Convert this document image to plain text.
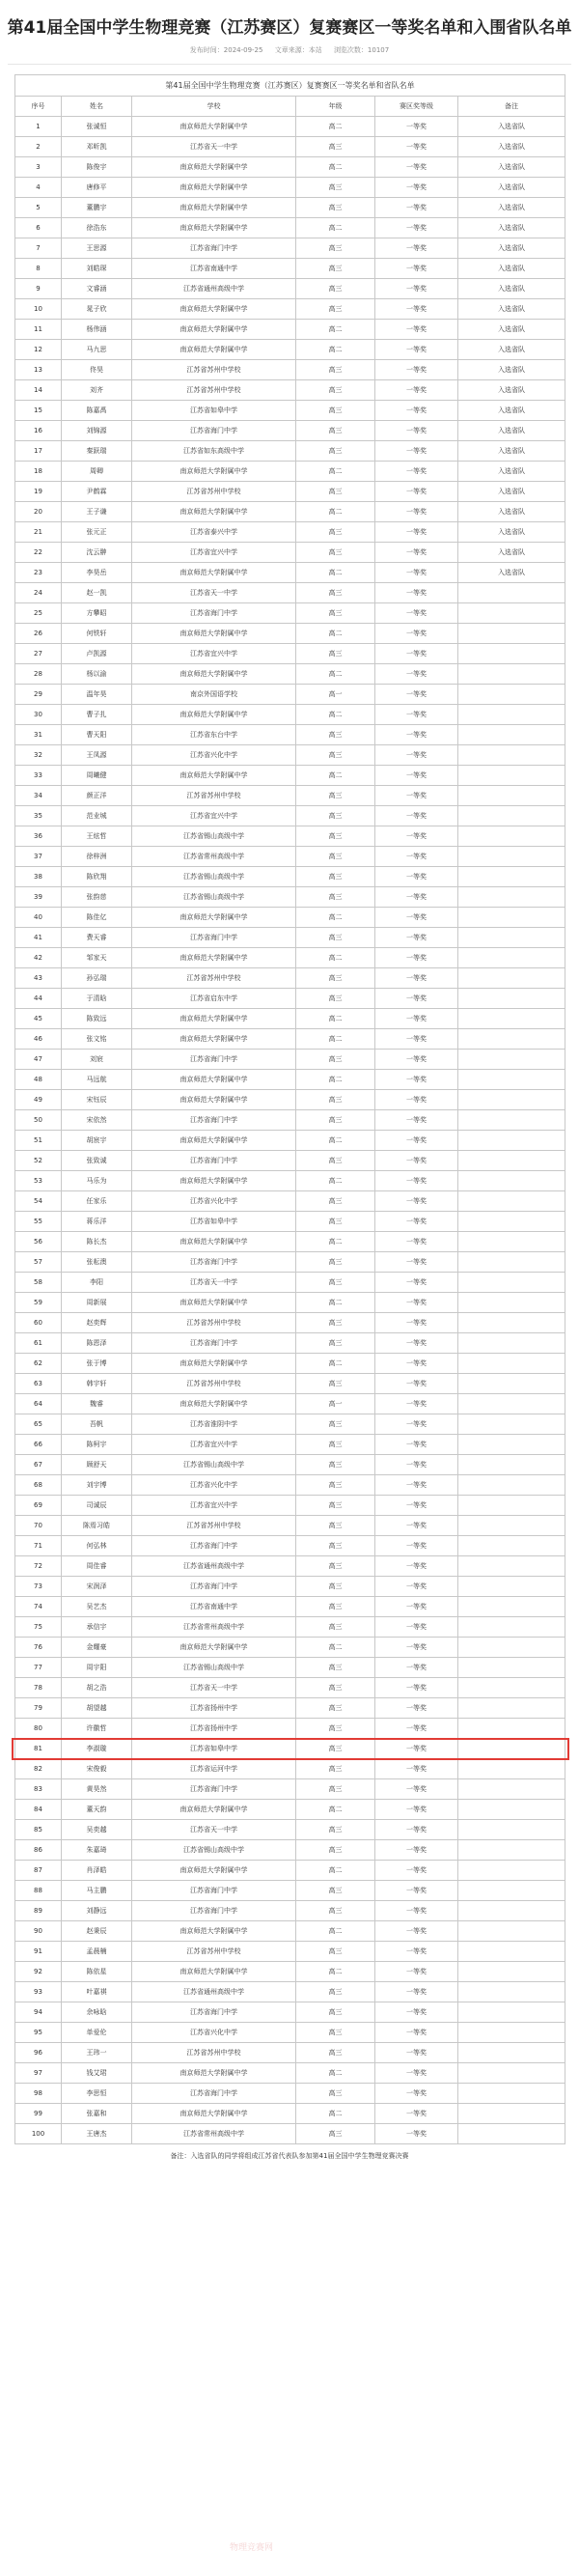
第41届全国中学生物理竞赛（江苏赛区）复赛赛区一等奖名单和入围省队名单
发布时间：2024-09-25 文章来源：本站 浏览次数：10107
第41届全国中学生物理竞赛（江苏赛区）复赛赛区一等奖名单和省队名单					
序号	姓名	学校	年级	赛区奖等级	备注
1	张诚恒	南京师范大学附属中学	高二	一等奖	入选省队
2	邓昕凯	江苏省天一中学	高三	一等奖	入选省队
3	陈俊宇	南京师范大学附属中学	高二	一等奖	入选省队
4	唐修平	南京师范大学附属中学	高三	一等奖	入选省队
5	董鹏宇	南京师范大学附属中学	高三	一等奖	入选省队
6	徐浩东	南京师范大学附属中学	高二	一等奖	入选省队
7	王思源	江苏省海门中学	高三	一等奖	入选省队
8	刘皓琛	江苏省南通中学	高三	一等奖	入选省队
9	文睿涵	江苏省通州高级中学	高三	一等奖	入选省队
10	晁子欣	南京师范大学附属中学	高三	一等奖	入选省队
11	杨伟涵	南京师范大学附属中学	高二	一等奖	入选省队
12	马九思	南京师范大学附属中学	高二	一等奖	入选省队
13	佟昊	江苏省苏州中学校	高三	一等奖	入选省队
14	刘齐	江苏省苏州中学校	高三	一等奖	入选省队
15	陈嘉禹	江苏省如皋中学	高三	一等奖	入选省队
16	刘锦源	江苏省海门中学	高三	一等奖	入选省队
17	秦跃瑞	江苏省如东高级中学	高三	一等奖	入选省队
18	周卿	南京师范大学附属中学	高二	一等奖	入选省队
19	尹鹤霖	江苏省苏州中学校	高三	一等奖	入选省队
20	王子谦	南京师范大学附属中学	高二	一等奖	入选省队
21	张元正	江苏省泰兴中学	高三	一等奖	入选省队
22	沈云翀	江苏省宜兴中学	高三	一等奖	入选省队
23	李昊岳	南京师范大学附属中学	高二	一等奖	入选省队
24	赵一凯	江苏省天一中学	高三	一等奖	
25	方攀昭	江苏省海门中学	高三	一等奖	
26	何铁轩	南京师范大学附属中学	高二	一等奖	
27	卢凯源	江苏省宜兴中学	高三	一等奖	
28	杨以渝	南京师范大学附属中学	高二	一等奖	
29	温年昊	南京外国语学校	高一	一等奖	
30	曹子扎	南京师范大学附属中学	高二	一等奖	
31	曹天阳	江苏省东台中学	高三	一等奖	
32	王凤源	江苏省兴化中学	高三	一等奖	
33	周曦健	南京师范大学附属中学	高二	一等奖	
34	颜正洋	江苏省苏州中学校	高三	一等奖	
35	范业城	江苏省宜兴中学	高三	一等奖	
36	王炫哲	江苏省锡山高级中学	高三	一等奖	
37	徐梓洲	江苏省常州高级中学	高三	一等奖	
38	陈欣翔	江苏省锡山高级中学	高三	一等奖	
39	张韵慈	江苏省锡山高级中学	高三	一等奖	
40	陈佳亿	南京师范大学附属中学	高二	一等奖	
41	费天睿	江苏省海门中学	高三	一等奖	
42	邹家天	南京师范大学附属中学	高二	一等奖	
43	孙弘瑞	江苏省苏州中学校	高三	一等奖	
44	于清晗	江苏省启东中学	高三	一等奖	
45	陈致远	南京师范大学附属中学	高二	一等奖	
46	张文铭	南京师范大学附属中学	高二	一等奖	
47	刘宸	江苏省海门中学	高三	一等奖	
48	马远航	南京师范大学附属中学	高二	一等奖	
49	宋钰辰	南京师范大学附属中学	高三	一等奖	
50	宋依然	江苏省海门中学	高三	一等奖	
51	胡宸宇	南京师范大学附属中学	高二	一等奖	
52	张致诚	江苏省海门中学	高三	一等奖	
53	马乐为	南京师范大学附属中学	高二	一等奖	
54	任家乐	江苏省兴化中学	高三	一等奖	
55	蒋乐洋	江苏省如皋中学	高三	一等奖	
56	陈长杰	南京师范大学附属中学	高二	一等奖	
57	张耘澳	江苏省海门中学	高三	一等奖	
58	李阳	江苏省天一中学	高三	一等奖	
59	周新展	南京师范大学附属中学	高二	一等奖	
60	赵奕辉	江苏省苏州中学校	高三	一等奖	
61	陈恩泽	江苏省海门中学	高三	一等奖	
62	张于博	南京师范大学附属中学	高二	一等奖	
63	韩宇轩	江苏省苏州中学校	高三	一等奖	
64	魏睿	南京师范大学附属中学	高一	一等奖	
65	吾帆	江苏省淮阴中学	高三	一等奖	
66	陈柯宇	江苏省宜兴中学	高三	一等奖	
67	顾舒天	江苏省锡山高级中学	高三	一等奖	
68	刘宇博	江苏省兴化中学	高三	一等奖	
69	司诚辰	江苏省宜兴中学	高三	一等奖	
70	陈焉习皓	江苏省苏州中学校	高三	一等奖	
71	何弘林	江苏省海门中学	高三	一等奖	
72	周佳睿	江苏省通州高级中学	高三	一等奖	
73	宋润泽	江苏省海门中学	高三	一等奖	
74	吴艺杰	江苏省南通中学	高三	一等奖	
75	承信宇	江苏省常州高级中学	高三	一等奖	
76	金耀豪	南京师范大学附属中学	高二	一等奖	
77	周宇阳	江苏省锡山高级中学	高三	一等奖	
78	胡之浩	江苏省天一中学	高三	一等奖	
79	胡望越	江苏省扬州中学	高三	一等奖	
80	许徽哲	江苏省扬州中学	高三	一等奖	
81	李淑璇	江苏省如皋中学	高三	一等奖	
82	宋俊毅	江苏省运河中学	高三	一等奖	
83	黄昊然	江苏省海门中学	高三	一等奖	
84	董天韵	南京师范大学附属中学	高二	一等奖	
85	吴奕越	江苏省天一中学	高三	一等奖	
86	朱嘉琦	江苏省锡山高级中学	高三	一等奖	
87	肖泽皓	南京师范大学附属中学	高二	一等奖	
88	马主鹏	江苏省海门中学	高三	一等奖	
89	刘静远	江苏省海门中学	高三	一等奖	
90	赵秉辰	南京师范大学附属中学	高二	一等奖	
91	孟晨楠	江苏省苏州中学校	高三	一等奖	
92	陈依星	南京师范大学附属中学	高二	一等奖	
93	叶嘉祺	江苏省通州高级中学	高三	一等奖	
94	余咏晗	江苏省海门中学	高三	一等奖	
95	单爱伦	江苏省兴化中学	高三	一等奖	
96	王玮一	江苏省苏州中学校	高三	一等奖	
97	钱艾珺	南京师范大学附属中学	高二	一等奖	
98	李思恒	江苏省海门中学	高三	一等奖	
99	张嘉和	南京师范大学附属中学	高二	一等奖	
100	王唐杰	江苏省常州高级中学	高三	一等奖	
备注：入选省队的同学将组成江苏省代表队参加第41届全国中学生物理竞赛决赛
物理竞赛网
